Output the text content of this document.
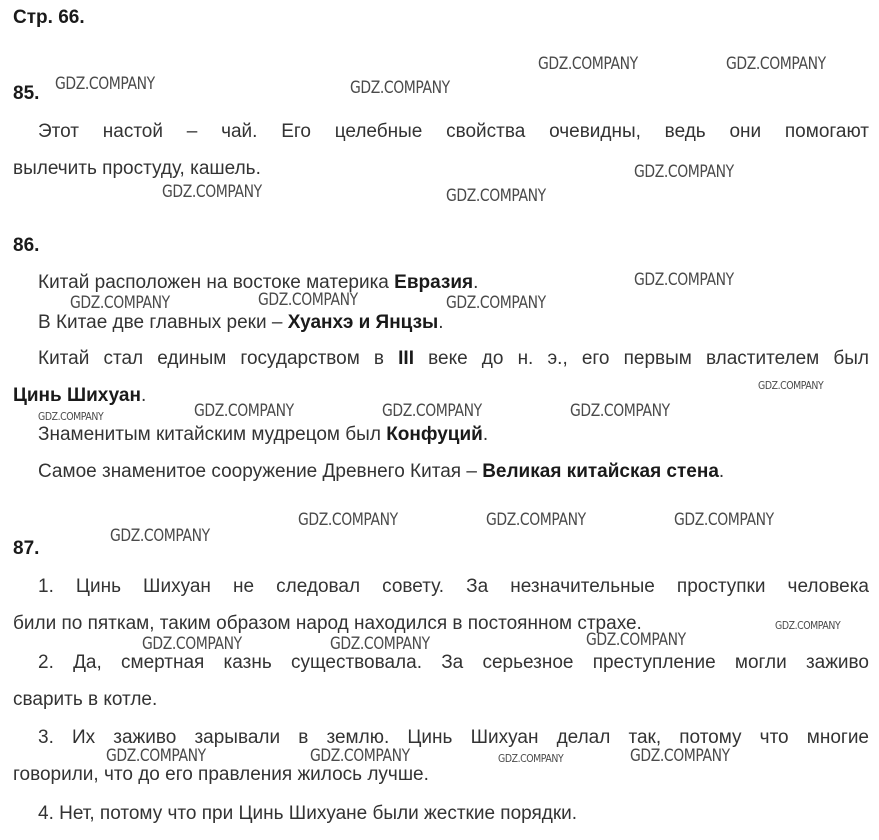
Стр. 66.
85.
Этот настой – чай. Его целебные свойства очевидны, ведь они помогают
вылечить простуду, кашель.
86.
Китай расположен на востоке материка Евразия.
В Китае две главных реки – Хуанхэ и Янцзы.
Китай стал единым государством в III веке до н. э., его первым властителем был
Цинь Шихуан.
Знаменитым китайским мудрецом был Конфуций.
Самое знаменитое сооружение Древнего Китая – Великая китайская стена.
87.
1. Цинь Шихуан не следовал совету. За незначительные проступки человека
били по пяткам, таким образом народ находился в постоянном страхе.
2. Да, смертная казнь существовала. За серьезное преступление могли заживо
сварить в котле.
3. Их заживо зарывали в землю. Цинь Шихуан делал так, потому что многие
говорили, что до его правления жилось лучше.
4. Нет, потому что при Цинь Шихуане были жесткие порядки.
GDZ.COMPANY	GDZ.COMPANY
GDZ.COMPANY	GDZ.COMPANY
GDZ.COMPANY
GDZ.COMPANY	GDZ.COMPANY
GDZ.COMPANY
GDZ.COMPANY	GDZ.COMPANY	GDZ.COMPANY
GDZ.COMPANY
GDZ.COMPANY	GDZ.COMPANY	GDZ.COMPANY	GDZ.COMPANY
GDZ.COMPANY	GDZ.COMPANY	GDZ.COMPANY
GDZ.COMPANY
GDZ.COMPANY
GDZ.COMPANY	GDZ.COMPANY	GDZ.COMPANY
GDZ.COMPANY	GDZ.COMPANY	GDZ.COMPANY	GDZ.COMPANY
